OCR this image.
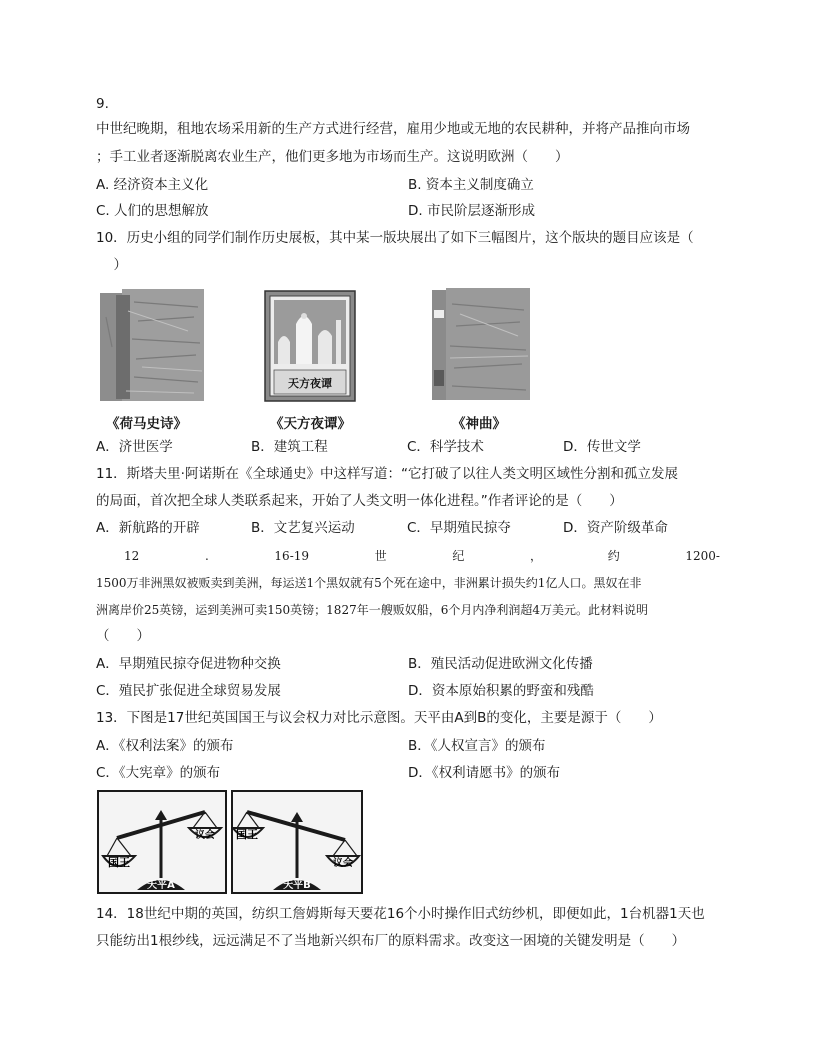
9.
中世纪晚期，租地农场采用新的生产方式进行经营，雇用少地或无地的农民耕种，并将产品推向市场
；手工业者逐渐脱离农业生产，他们更多地为市场而生产。这说明欧洲（　　）
A. 经济资本主义化	B. 资本主义制度确立
C. 人们的思想解放	D. 市民阶层逐渐形成
10．历史小组的同学们制作历史展板，其中某一版块展出了如下三幅图片，这个版块的题目应该是（
　）
《荷马史诗》
天方夜谭
《天方夜谭》	《神曲》
A．济世医学	B．建筑工程	C．科学技术	D．传世文学
11．斯塔夫里·阿诺斯在《全球通史》中这样写道：“它打破了以往人类文明区域性分割和孤立发展
的局面，首次把全球人类联系起来，开始了人类文明一体化进程。”作者评论的是（　　）
A．新航路的开辟	B．文艺复兴运动	C．早期殖民掠夺	D．资产阶级革命
12	.	16-19	世	纪	，	约	1200-
1500万非洲黑奴被贩卖到美洲，每运送1个黑奴就有5个死在途中，非洲累计损失约1亿人口。黑奴在非
洲离岸价25英镑，运到美洲可卖150英镑；1827年一艘贩奴船，6个月内净利润超4万美元。此材料说明
（　　）
A．早期殖民掠夺促进物种交换	B．殖民活动促进欧洲文化传播
C．殖民扩张促进全球贸易发展	D．资本原始积累的野蛮和残酷
13．下图是17世纪英国国王与议会权力对比示意图。天平由A到B的变化，主要是源于（　　）
A．《权利法案》的颁布	B．《人权宣言》的颁布
C．《大宪章》的颁布	D．《权利请愿书》的颁布
国王
议会
天平A
国王
议会
天平B
14．18世纪中期的英国，纺织工詹姆斯每天要花16个小时操作旧式纺纱机，即便如此，1台机器1天也
只能纺出1根纱线，远远满足不了当地新兴织布厂的原料需求。改变这一困境的关键发明是（　　）
